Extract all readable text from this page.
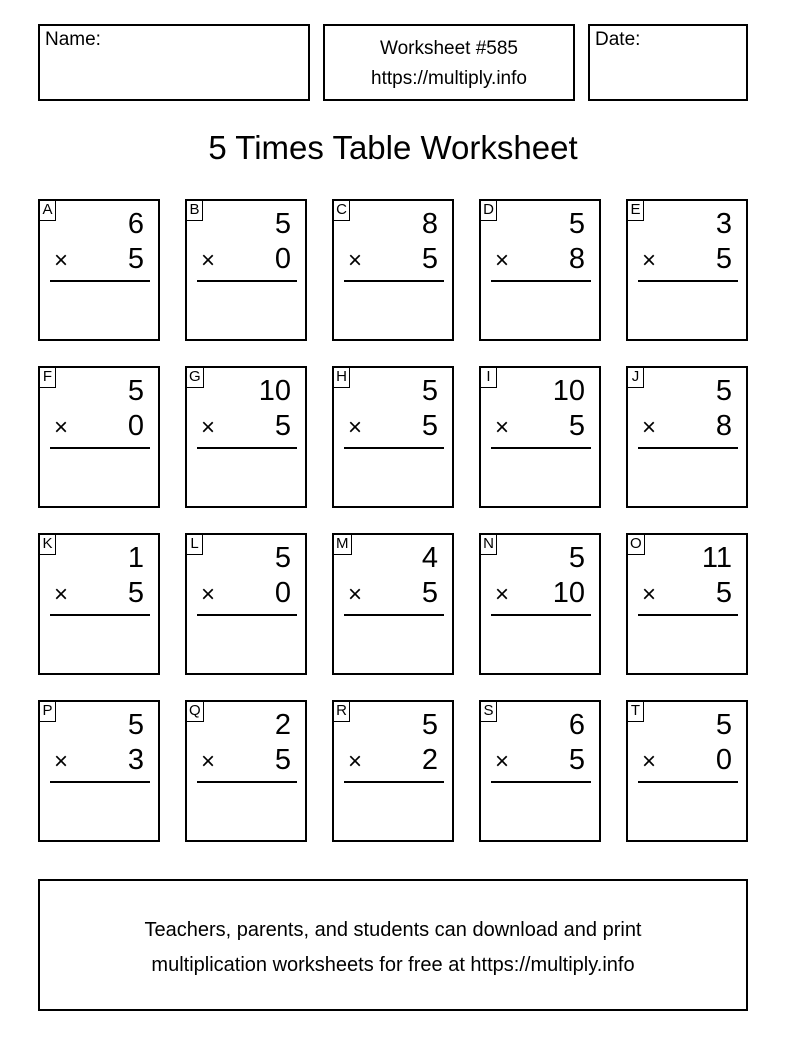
Name:	Worksheet #585
https://multiply.info
Date:
5 Times Table Worksheet
A	6
× 5
B	5
× 0
C	8
× 5
D	5
× 8
E	3
× 5
F	5
× 0
G 10
× 5
H	5
× 5
I 10
× 5
J	5
× 8
K	1
× 5
L	5
× 0
M	4
× 5
N	5
× 10
O 11
× 5
P	5
× 3
Q	2
× 5
R	5
× 2
S	6
× 5
T	5
× 0
Teachers, parents, and students can download and print
multiplication worksheets for free at https://multiply.info
